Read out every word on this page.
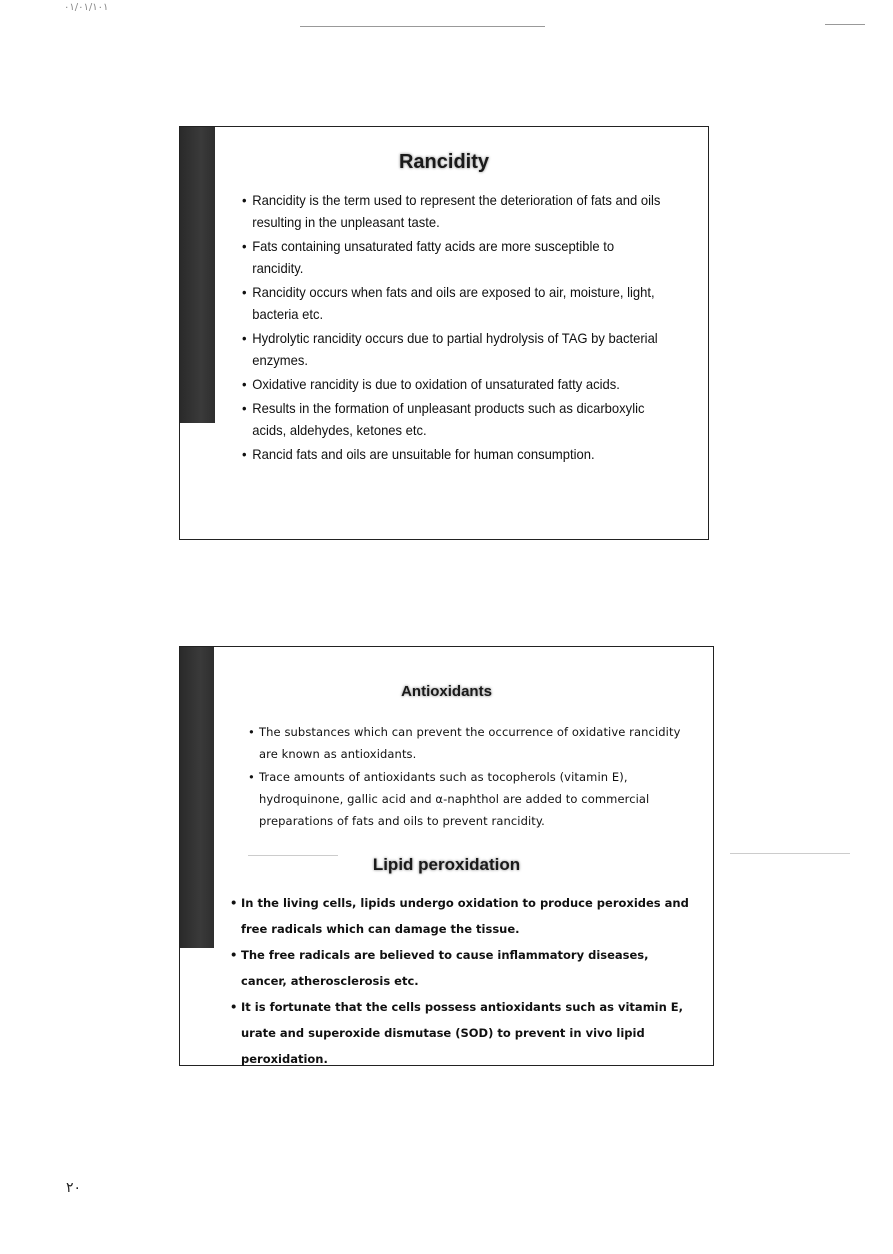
٠١/٠١/١٠١
Rancidity
• Rancidity is the term used to represent the deterioration of fats and oils resulting in the unpleasant taste.
• Fats containing unsaturated fatty acids are more susceptible to rancidity.
• Rancidity occurs when fats and oils are exposed to air, moisture, light, bacteria etc.
• Hydrolytic rancidity occurs due to partial hydrolysis of TAG by bacterial enzymes.
• Oxidative rancidity is due to oxidation of unsaturated fatty acids.
• Results in the formation of unpleasant products such as dicarboxylic acids, aldehydes, ketones etc.
• Rancid fats and oils are unsuitable for human consumption.
Antioxidants
• The substances which can prevent the occurrence of oxidative rancidity are known as antioxidants.
• Trace amounts of antioxidants such as tocopherols (vitamin E), hydroquinone, gallic acid and α-naphthol are added to commercial preparations of fats and oils to prevent rancidity.
Lipid peroxidation
• In the living cells, lipids undergo oxidation to produce peroxides and free radicals which can damage the tissue.
• The free radicals are believed to cause inflammatory diseases, cancer, atherosclerosis etc.
• It is fortunate that the cells possess antioxidants such as vitamin E, urate and superoxide dismutase (SOD) to prevent in vivo lipid peroxidation.
٢٠
